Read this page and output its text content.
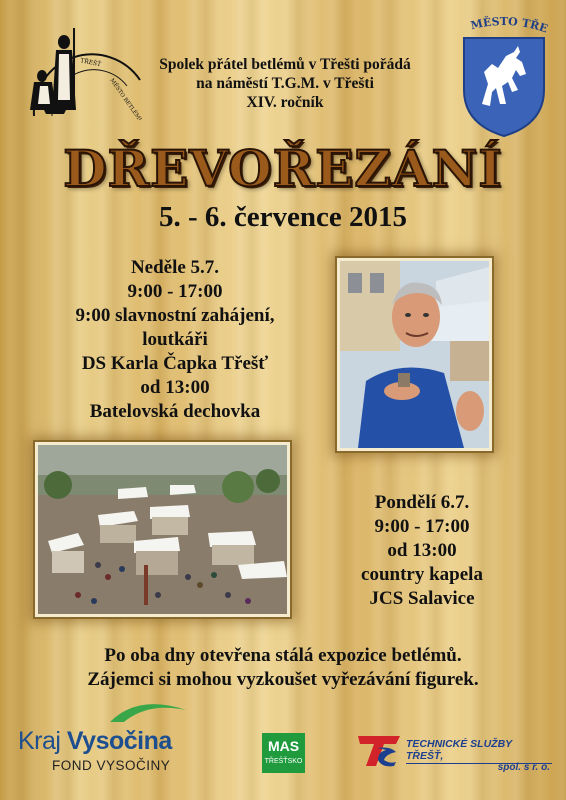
TŘEŠŤ
MĚSTO BETLÉMŮ
Spolek přátel betlémů v Třešti pořádá
na náměstí T.G.M. v Třešti
XIV. ročník
MĚSTO TŘE
DŘEVOŘEZÁNÍ
5. - 6. července 2015
Neděle 5.7.
9:00 - 17:00
9:00 slavnostní zahájení,
loutkáři
DS Karla Čapka Třešť
od 13:00
Batelovská dechovka
Pondělí 6.7.
9:00 - 17:00
od 13:00
country kapela
JCS Salavice
Po oba dny otevřena stálá expozice betlémů.
Zájemci si mohou vyzkoušet vyřezávání figurek.
Kraj Vysočina
FOND VYSOČINY
MAS
TŘEŠŤSKO
TECHNICKÉ SLUŽBY TŘEŠŤ,
spol. s r. o.
